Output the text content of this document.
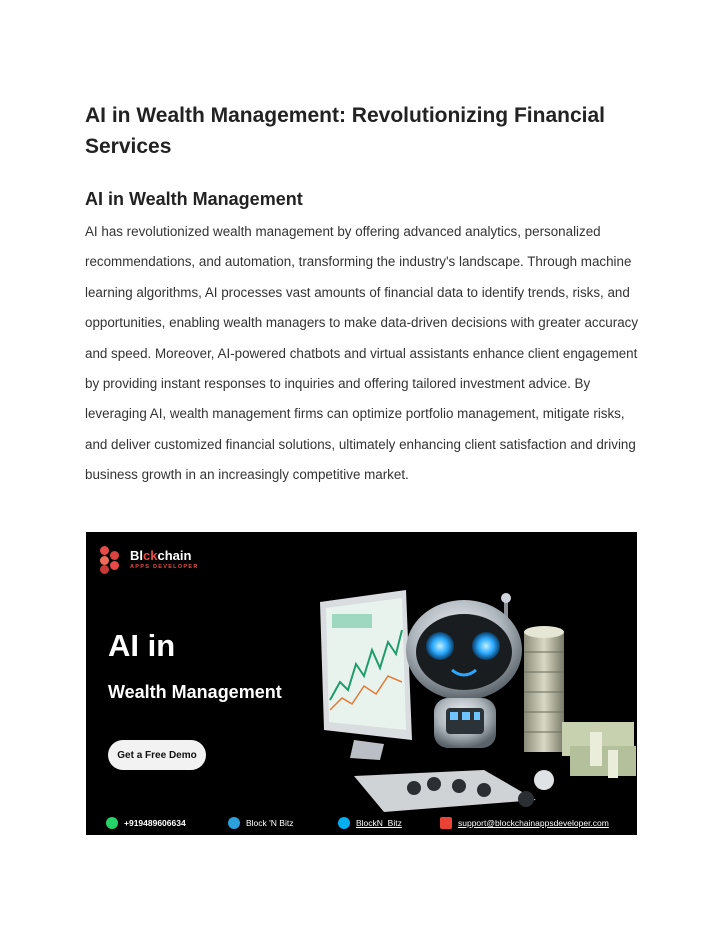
AI in Wealth Management: Revolutionizing Financial Services
AI in Wealth Management

AI has revolutionized wealth management by offering advanced analytics, personalized recommendations, and automation, transforming the industry's landscape. Through machine learning algorithms, AI processes vast amounts of financial data to identify trends, risks, and opportunities, enabling wealth managers to make data-driven decisions with greater accuracy and speed. Moreover, AI-powered chatbots and virtual assistants enhance client engagement by providing instant responses to inquiries and offering tailored investment advice. By leveraging AI, wealth management firms can optimize portfolio management, mitigate risks, and deliver customized financial solutions, ultimately enhancing client satisfaction and driving business growth in an increasingly competitive market.

Blckchain
APPS DEVELOPER
AI in
Wealth Management
Get a Free Demo
+919489606634	Block 'N Bitz	BlockN_Bitz	support@blockchainappsdeveloper.com
